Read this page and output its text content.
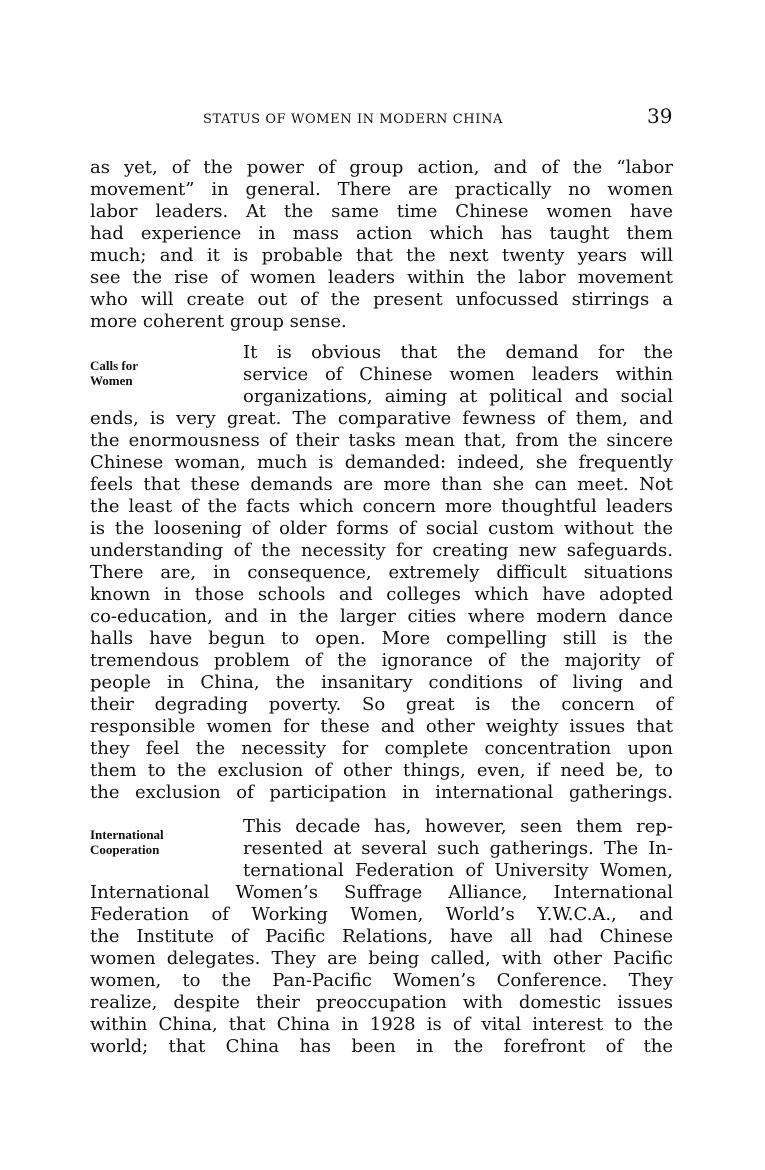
STATUS OF WOMEN IN MODERN CHINA	39
as yet, of the power of group action, and of the “labor
movement” in general. There are practically no women
labor leaders. At the same time Chinese women have
had experience in mass action which has taught them
much; and it is probable that the next twenty years will
see the rise of women leaders within the labor movement
who will create out of the present unfocussed stirrings a
more coherent group sense.
Calls for
Women
It is obvious that the demand for the
service of Chinese women leaders within
organizations, aiming at political and social
ends, is very great. The comparative fewness of them, and
the enormousness of their tasks mean that, from the sincere
Chinese woman, much is demanded: indeed, she frequently
feels that these demands are more than she can meet. Not
the least of the facts which concern more thoughtful leaders
is the loosening of older forms of social custom without the
understanding of the necessity for creating new safeguards.
There are, in consequence, extremely difficult situations
known in those schools and colleges which have adopted
co-education, and in the larger cities where modern dance
halls have begun to open. More compelling still is the
tremendous problem of the ignorance of the majority of
people in China, the insanitary conditions of living and
their degrading poverty. So great is the concern of
responsible women for these and other weighty issues that
they feel the necessity for complete concentration upon
them to the exclusion of other things, even, if need be, to
the exclusion of participation in international gatherings.
International
Cooperation
This decade has, however, seen them rep-
resented at several such gatherings. The In-
ternational Federation of University Women,
International Women’s Suffrage Alliance, International
Federation of Working Women, World’s Y.W.C.A., and
the Institute of Pacific Relations, have all had Chinese
women delegates. They are being called, with other Pacific
women, to the Pan-Pacific Women’s Conference. They
realize, despite their preoccupation with domestic issues
within China, that China in 1928 is of vital interest to the
world; that China has been in the forefront of the
